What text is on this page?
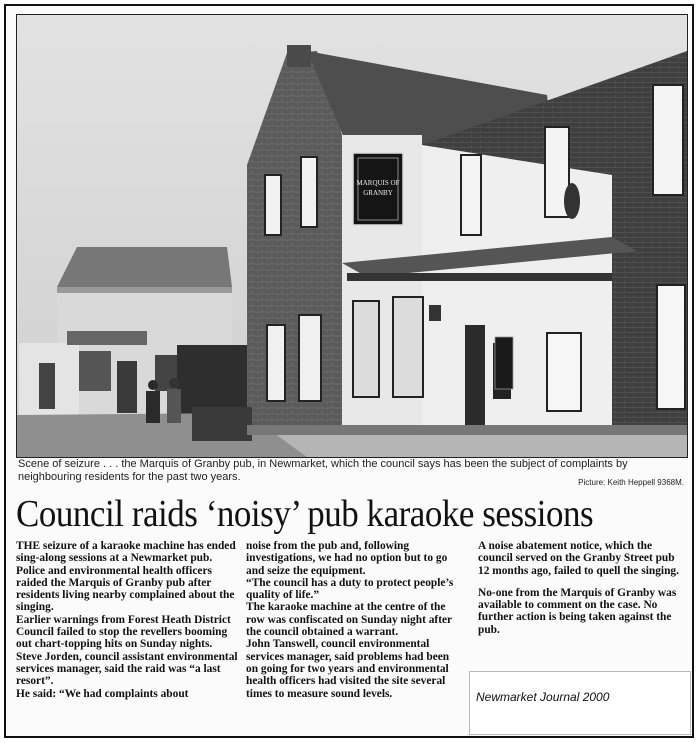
MARQUIS OF
GRANBY
Scene of seizure . . . the Marquis of Granby pub, in Newmarket, which the council says has been the subject of complaints by neighbouring residents for the past two years.	Picture: Keith Heppell 9368M.
Council raids ‘noisy’ pub karaoke sessions

THE seizure of a karaoke machine has ended sing-along sessions at a Newmarket pub.

Police and environmental health officers raided the Marquis of Granby pub after residents living nearby complained about the singing.

Earlier warnings from Forest Heath District Council failed to stop the revellers booming out chart-topping hits on Sunday nights.

Steve Jorden, council assistant environmental services manager, said the raid was “a last resort”.

He said: “We had complaints about

noise from the pub and, following investigations, we had no option but to go and seize the equipment.

“The council has a duty to protect people’s quality of life.”

The karaoke machine at the centre of the row was confiscated on Sunday night after the council obtained a warrant.

John Tanswell, council environmental services manager, said problems had been on going for two years and environmental health officers had visited the site several times to measure sound levels.

A noise abatement notice, which the council served on the Granby Street pub 12 months ago, failed to quell the singing.

No-one from the Marquis of Granby was available to comment on the case. No further action is being taken against the pub.

Newmarket Journal 2000
